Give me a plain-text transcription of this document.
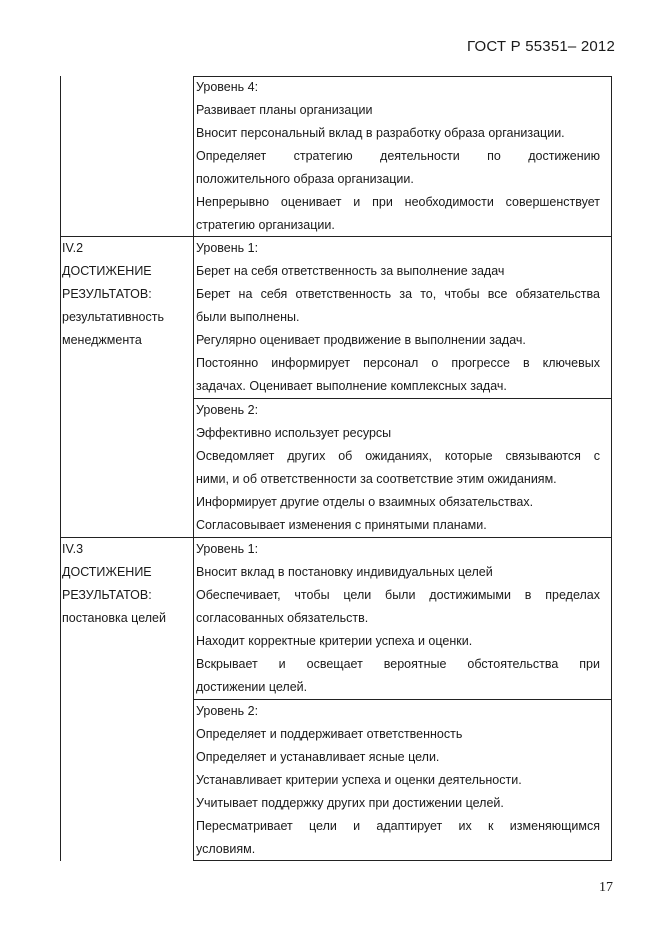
ГОСТ Р 55351– 2012
Уровень 4:
Развивает планы организации
Вносит персональный вклад в разработку образа организации.
Определяет стратегию деятельности по достижению
положительного образа организации.
Непрерывно оценивает и при необходимости совершенствует
стратегию организации.
IV.2
ДОСТИЖЕНИЕ
РЕЗУЛЬТАТОВ:
результативность
менеджмента
Уровень 1:
Берет на себя ответственность за выполнение задач
Берет на себя ответственность за то, чтобы все обязательства
были выполнены.
Регулярно оценивает продвижение в выполнении задач.
Постоянно информирует персонал о прогрессе в ключевых
задачах. Оценивает выполнение комплексных задач.
Уровень 2:
Эффективно использует ресурсы
Осведомляет других об ожиданиях, которые связываются с
ними, и об ответственности за соответствие этим ожиданиям.
Информирует другие отделы о взаимных обязательствах.
Согласовывает изменения с принятыми планами.
IV.3
ДОСТИЖЕНИЕ
РЕЗУЛЬТАТОВ:
постановка целей
Уровень 1:
Вносит вклад в постановку индивидуальных целей
Обеспечивает, чтобы цели были достижимыми в пределах
согласованных обязательств.
Находит корректные критерии успеха и оценки.
Вскрывает и освещает вероятные обстоятельства при
достижении целей.
Уровень 2:
Определяет и поддерживает ответственность
Определяет и устанавливает ясные цели.
Устанавливает критерии успеха и оценки деятельности.
Учитывает поддержку других при достижении целей.
Пересматривает цели и адаптирует их к изменяющимся
условиям.
17
